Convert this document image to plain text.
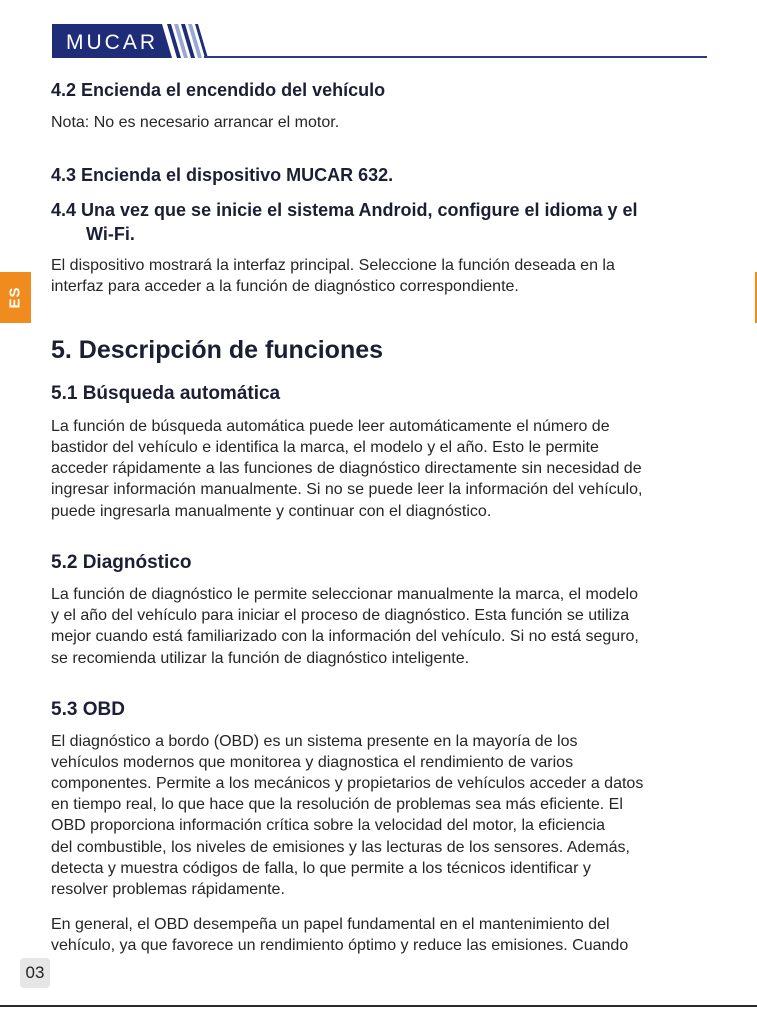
MUCAR
ES
4.2 Encienda el encendido del vehículo
Nota: No es necesario arrancar el motor.
4.3 Encienda el dispositivo MUCAR 632.
4.4 Una vez que se inicie el sistema Android, configure el idioma y el
Wi-Fi.
El dispositivo mostrará la interfaz principal. Seleccione la función deseada en la
interfaz para acceder a la función de diagnóstico correspondiente.
5. Descripción de funciones
5.1 Búsqueda automática
La función de búsqueda automática puede leer automáticamente el número de
bastidor del vehículo e identifica la marca, el modelo y el año. Esto le permite
acceder rápidamente a las funciones de diagnóstico directamente sin necesidad de
ingresar información manualmente. Si no se puede leer la información del vehículo,
puede ingresarla manualmente y continuar con el diagnóstico.
5.2 Diagnóstico
La función de diagnóstico le permite seleccionar manualmente la marca, el modelo
y el año del vehículo para iniciar el proceso de diagnóstico. Esta función se utiliza
mejor cuando está familiarizado con la información del vehículo. Si no está seguro,
se recomienda utilizar la función de diagnóstico inteligente.
5.3 OBD
El diagnóstico a bordo (OBD) es un sistema presente en la mayoría de los
vehículos modernos que monitorea y diagnostica el rendimiento de varios
componentes. Permite a los mecánicos y propietarios de vehículos acceder a datos
en tiempo real, lo que hace que la resolución de problemas sea más eficiente. El
OBD proporciona información crítica sobre la velocidad del motor, la eficiencia
del combustible, los niveles de emisiones y las lecturas de los sensores. Además,
detecta y muestra códigos de falla, lo que permite a los técnicos identificar y
resolver problemas rápidamente.
En general, el OBD desempeña un papel fundamental en el mantenimiento del
vehículo, ya que favorece un rendimiento óptimo y reduce las emisiones. Cuando
03
